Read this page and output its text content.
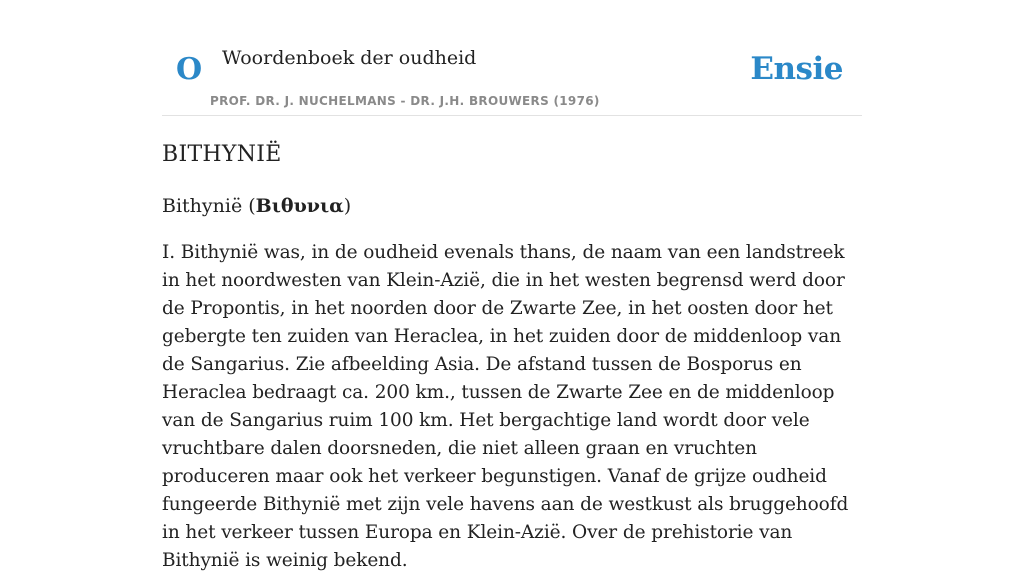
O Woordenboek der oudheid
PROF. DR. J. NUCHELMANS - DR. J.H. BROUWERS (1976)
Ensie
BITHYNIË

Bithynië (Βιθυνια)

I. Bithynië was, in de oudheid evenals thans, de naam van een landstreek in het noordwesten van Klein-Azië, die in het westen begrensd werd door de Propontis, in het noorden door de Zwarte Zee, in het oosten door het gebergte ten zuiden van Heraclea, in het zuiden door de middenloop van de Sangarius. Zie afbeelding Asia. De afstand tussen de Bosporus en Heraclea bedraagt ca. 200 km., tussen de Zwarte Zee en de middenloop van de Sangarius ruim 100 km. Het bergachtige land wordt door vele vruchtbare dalen doorsneden, die niet alleen graan en vruchten produceren maar ook het verkeer begunstigen. Vanaf de grijze oudheid fungeerde Bithynië met zijn vele havens aan de westkust als bruggehoofd in het verkeer tussen Europa en Klein-Azië. Over de prehistorie van Bithynië is weinig bekend.
